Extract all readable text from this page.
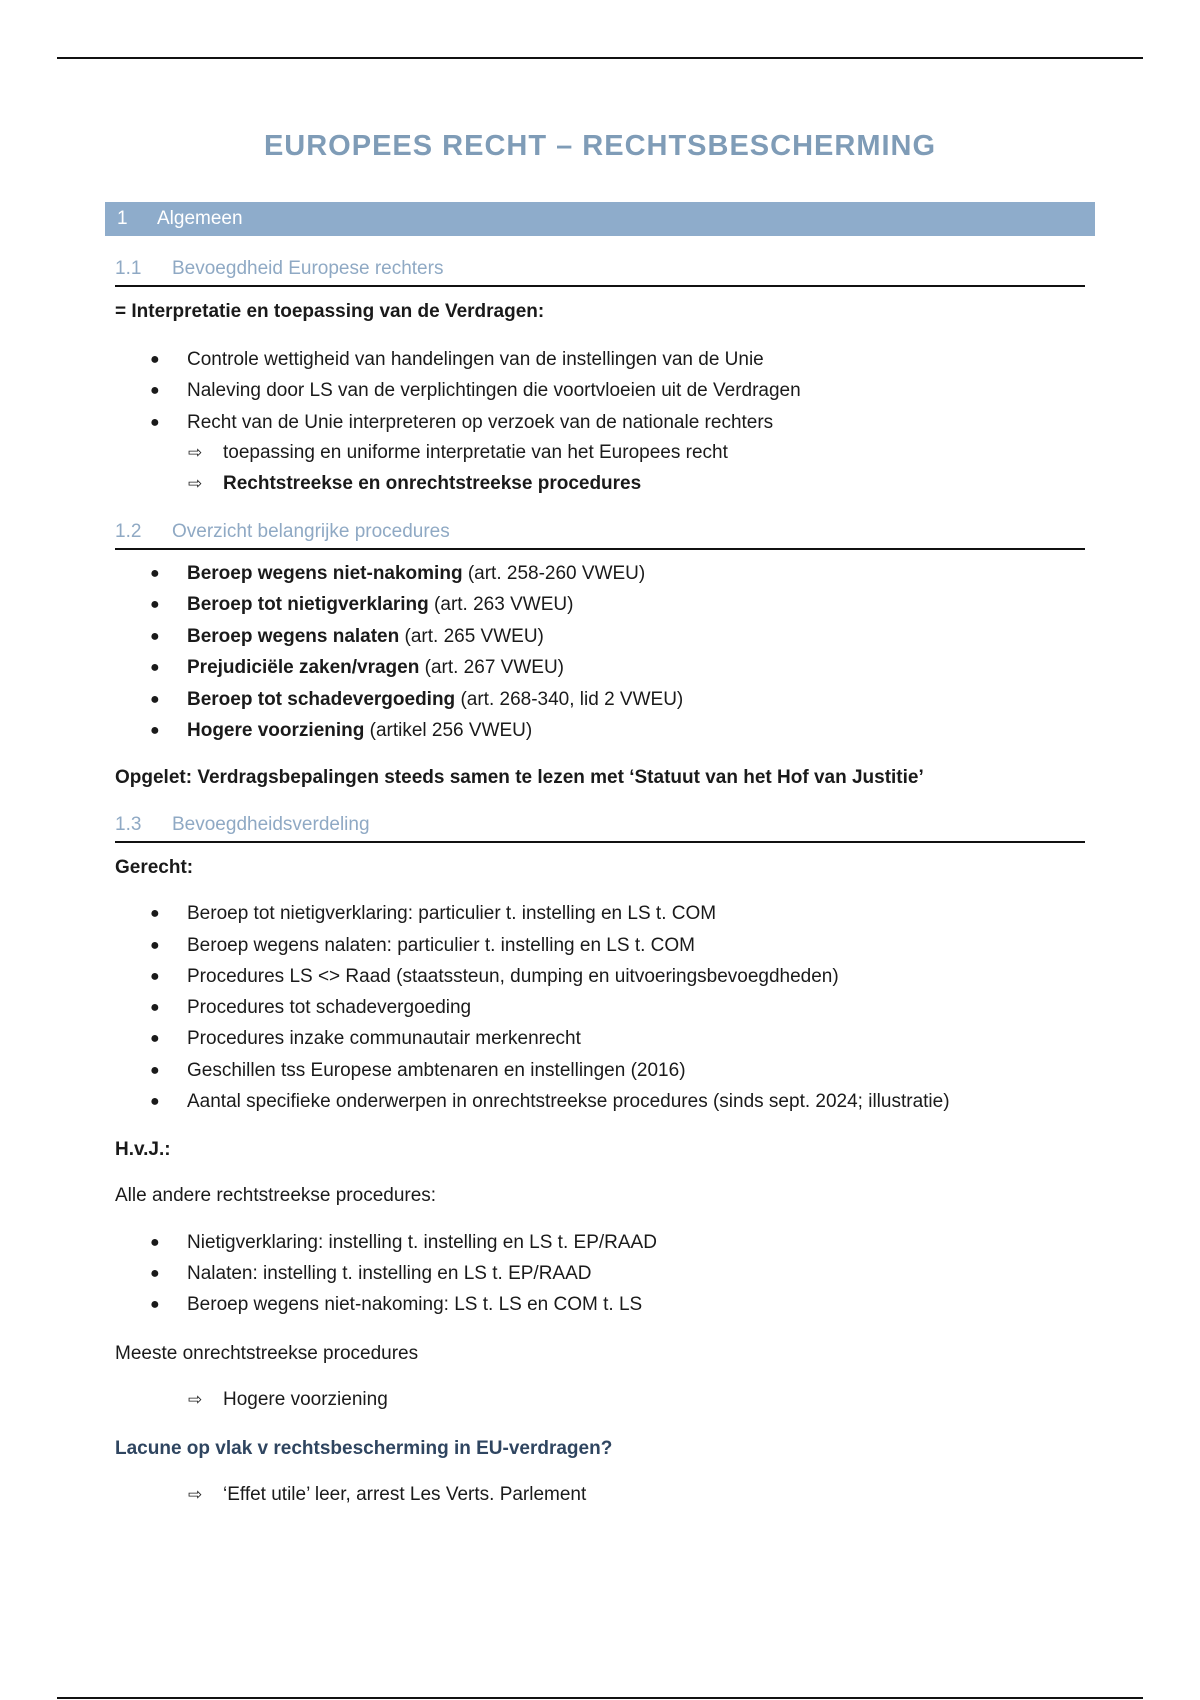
EUROPEES RECHT – RECHTSBESCHERMING
1 Algemeen
1.1 Bevoegdheid Europese rechters
= Interpretatie en toepassing van de Verdragen:
● Controle wettigheid van handelingen van de instellingen van de Unie
● Naleving door LS van de verplichtingen die voortvloeien uit de Verdragen
● Recht van de Unie interpreteren op verzoek van de nationale rechters
⇨ toepassing en uniforme interpretatie van het Europees recht
⇨ Rechtstreekse en onrechtstreekse procedures
1.2 Overzicht belangrijke procedures
● Beroep wegens niet-nakoming (art. 258-260 VWEU)
● Beroep tot nietigverklaring (art. 263 VWEU)
● Beroep wegens nalaten (art. 265 VWEU)
● Prejudiciële zaken/vragen (art. 267 VWEU)
● Beroep tot schadevergoeding (art. 268-340, lid 2 VWEU)
● Hogere voorziening (artikel 256 VWEU)
Opgelet: Verdragsbepalingen steeds samen te lezen met ‘Statuut van het Hof van Justitie’
1.3 Bevoegdheidsverdeling
Gerecht:
● Beroep tot nietigverklaring: particulier t. instelling en LS t. COM
● Beroep wegens nalaten: particulier t. instelling en LS t. COM
● Procedures LS <> Raad (staatssteun, dumping en uitvoeringsbevoegdheden)
● Procedures tot schadevergoeding
● Procedures inzake communautair merkenrecht
● Geschillen tss Europese ambtenaren en instellingen (2016)
● Aantal specifieke onderwerpen in onrechtstreekse procedures (sinds sept. 2024; illustratie)
H.v.J.:
Alle andere rechtstreekse procedures:
● Nietigverklaring: instelling t. instelling en LS t. EP/RAAD
● Nalaten: instelling t. instelling en LS t. EP/RAAD
● Beroep wegens niet-nakoming: LS t. LS en COM t. LS
Meeste onrechtstreekse procedures
⇨ Hogere voorziening
Lacune op vlak v rechtsbescherming in EU-verdragen?
⇨ ‘Effet utile’ leer, arrest Les Verts. Parlement
